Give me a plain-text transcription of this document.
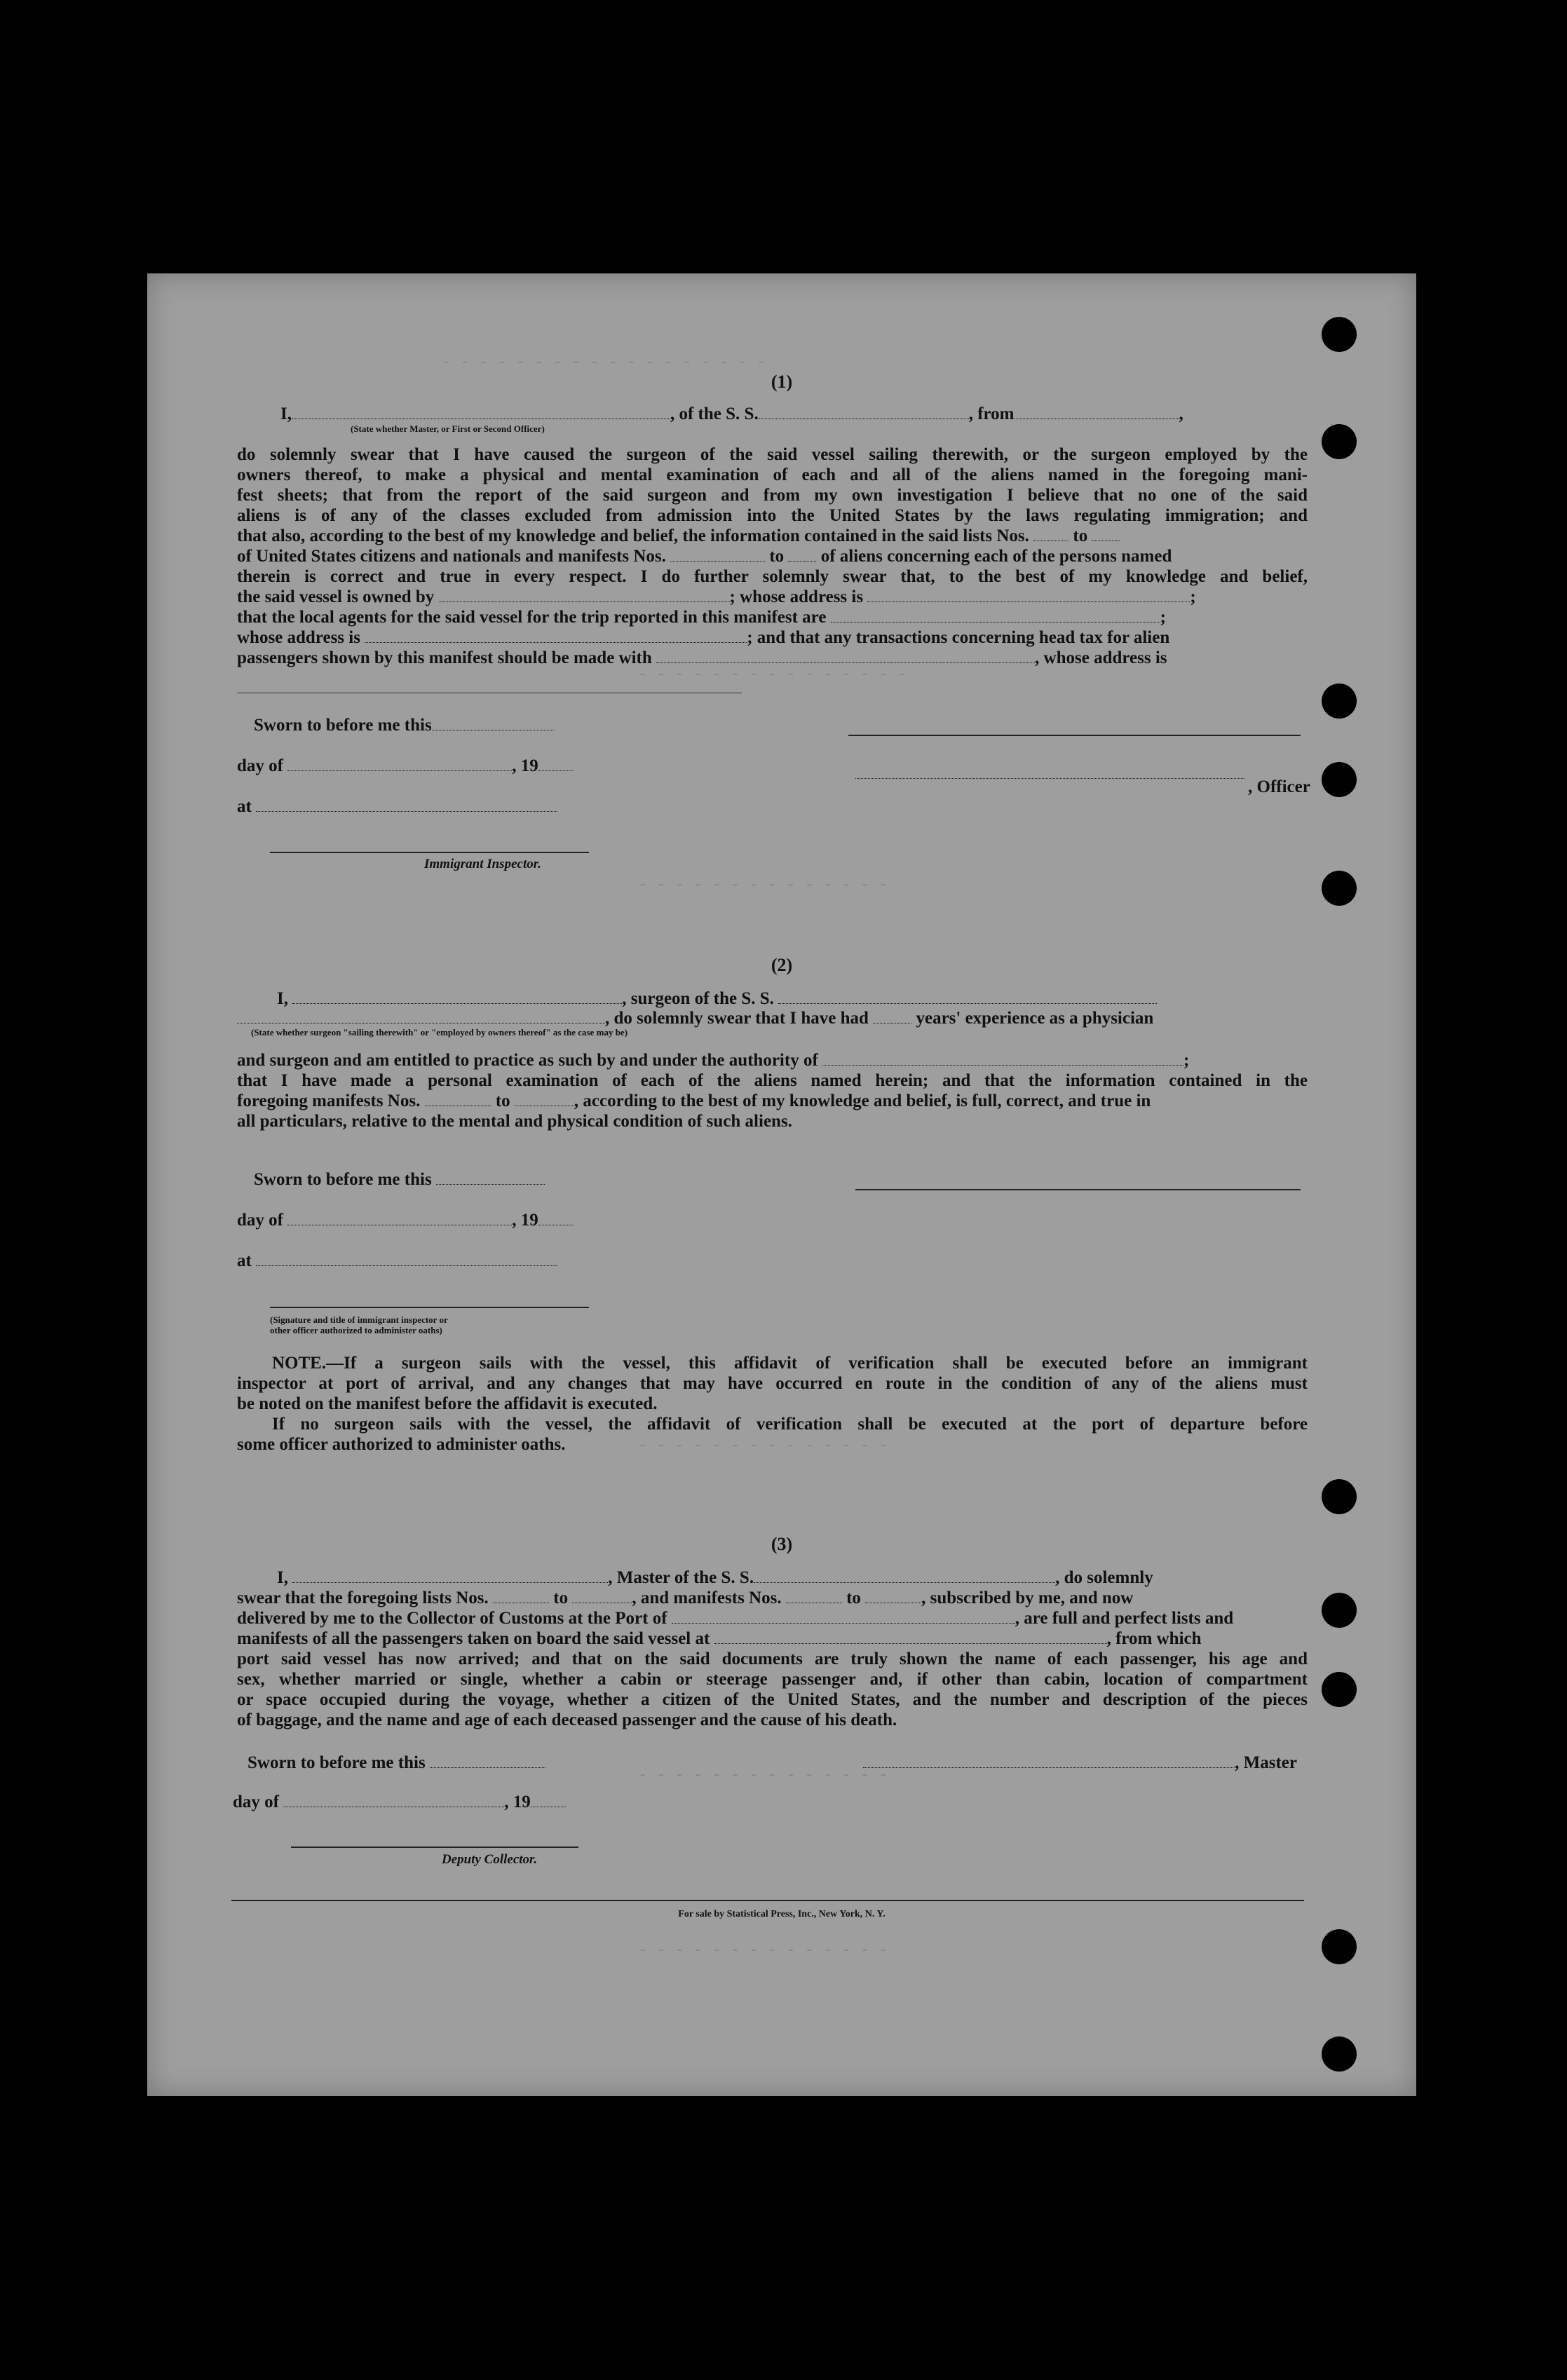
- - - - - - - - - - - - - - - - - -
- - - - - - - - - - - - - - -
- - - - - - - - - - - - - -
- - - - - - - - - - - - - -
- - - - - - - - - - - - - -
- - - - - - - - - - - - - -
(1)
I,	, of the S. S.	, from	,
(State whether Master, or First or Second Officer)
do solemnly swear that I have caused the surgeon of the said vessel sailing therewith, or the surgeon employed by the
owners thereof, to make a physical and mental examination of each and all of the aliens named in the foregoing mani-
fest sheets; that from the report of the said surgeon and from my own investigation I believe that no one of the said
aliens is of any of the classes excluded from admission into the United States by the laws regulating immigration; and
that also, according to the best of my knowledge and belief, the information contained in the said lists Nos.	to
of United States citizens and nationals and manifests Nos.	to of aliens concerning each of the persons named
therein is correct and true in every respect. I do further solemnly swear that, to the best of my knowledge and belief,
the said vessel is owned by	; whose address is	;
that the local agents for the said vessel for the trip reported in this manifest are	;
whose address is	; and that any transactions concerning head tax for alien
passengers shown by this manifest should be made with	, whose address is
Sworn to before me this
day of	, 19
, Officer
at
Immigrant Inspector.
(2)
I,	, surgeon of the S. S.
, do solemnly swear that I have had	years' experience as a physician
(State whether surgeon "sailing therewith" or "employed by owners thereof" as the case may be)
and surgeon and am entitled to practice as such by and under the authority of	;
that I have made a personal examination of each of the aliens named herein; and that the information contained in the
foregoing manifests Nos.	to	, according to the best of my knowledge and belief, is full, correct, and true in
all particulars, relative to the mental and physical condition of such aliens.
Sworn to before me this
day of	, 19
at
(Signature and title of immigrant inspector or
other officer authorized to administer oaths)
NOTE.—If a surgeon sails with the vessel, this affidavit of verification shall be executed before an immigrant
inspector at port of arrival, and any changes that may have occurred en route in the condition of any of the aliens must
be noted on the manifest before the affidavit is executed.
If no surgeon sails with the vessel, the affidavit of verification shall be executed at the port of departure before
some officer authorized to administer oaths.
(3)
I,	, Master of the S. S.	, do solemnly
swear that the foregoing lists Nos.	to	, and manifests Nos.	to	, subscribed by me, and now
delivered by me to the Collector of Customs at the Port of	, are full and perfect lists and
manifests of all the passengers taken on board the said vessel at	, from which
port said vessel has now arrived; and that on the said documents are truly shown the name of each passenger, his age and
sex, whether married or single, whether a cabin or steerage passenger and, if other than cabin, location of compartment
or space occupied during the voyage, whether a citizen of the United States, and the number and description of the pieces
of baggage, and the name and age of each deceased passenger and the cause of his death.
Sworn to before me this	, Master
day of	, 19
Deputy Collector.
For sale by Statistical Press, Inc., New York, N. Y.
